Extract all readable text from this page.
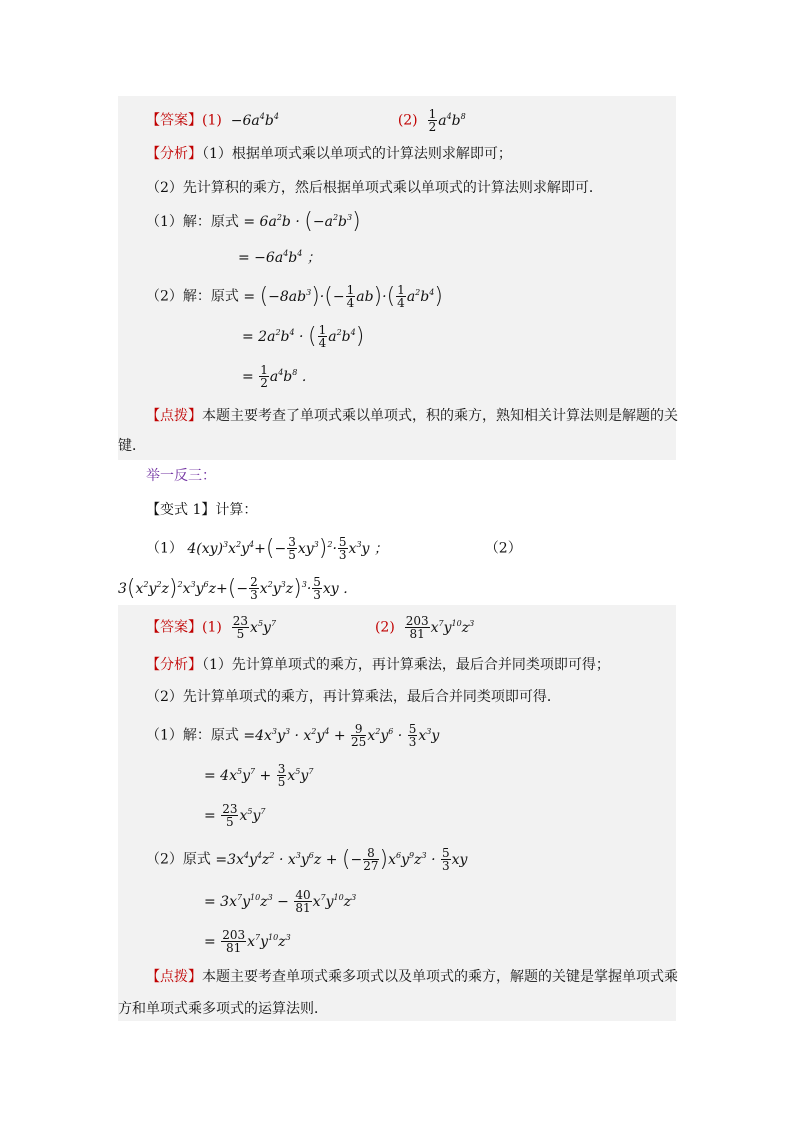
【答案】$(1) -6a^4b^4$	$(2) \frac{1}{2} a^4b^8$
【分析】（1）根据单项式乘以单项式的计算法则求解即可；
（2）先计算积的乘方，然后根据单项式乘以单项式的计算法则求解即可．
（1）解：原式 = $6a^2b \cdot (-a^2b^3)$
= $-6a^4b^4$ ；
（2）解：原式 = $(-8ab^3)\cdot(- \frac{1}{4} ab)\cdot( \frac{1}{4} a^2b^4)$
= $2a^2b^4$ · ( $\frac{1}{4} a^2b^4$)
= $\frac{1}{2} a^4b^8$ ．
【点拨】本题主要考查了单项式乘以单项式，积的乘方，熟知相关计算法则是解题的关
键．
举一反三：
【变式 1】计算：
（1） $4(xy)^3x^2y^4+(- \frac{3}{5} xy^3)^2\cdot \frac{5}{3} x^3y$ ；	（2）
$3(x^2y^2z)^2x^3y^6z+(- \frac{2}{3} x^2y^3z)^3\cdot \frac{5}{3}$ xy ．
【答案】$(1) \frac{23}{5} x^5y^7$	$(2) \frac{203}{81} x^7y^{10}z^3$
【分析】（1）先计算单项式的乘方，再计算乘法，最后合并同类项即可得；
（2）先计算单项式的乘方，再计算乘法，最后合并同类项即可得．
（1）解：原式 $=4x^3y^3 \cdot x^2y^4 + \frac{9}{25} x^2y^6 \cdot \frac{5}{3} x^3y$
= $4x^5y^7 + \frac{3}{5} x^5y^7$
= $\frac{23}{5} x^5y^7$
（2）原式 $=3x^4y^4z^2 \cdot x^3y^6z$ + (− $\frac{8}{27} )x^6y^9z^3 \cdot \frac{5}{3}$ xy
= $3x^7y^{10}z^3 - \frac{40}{81} x^7y^{10}z^3$
= $\frac{203}{81} x^7y^{10}z^3$
【点拨】本题主要考查单项式乘多项式以及单项式的乘方，解题的关键是掌握单项式乘
方和单项式乘多项式的运算法则．
